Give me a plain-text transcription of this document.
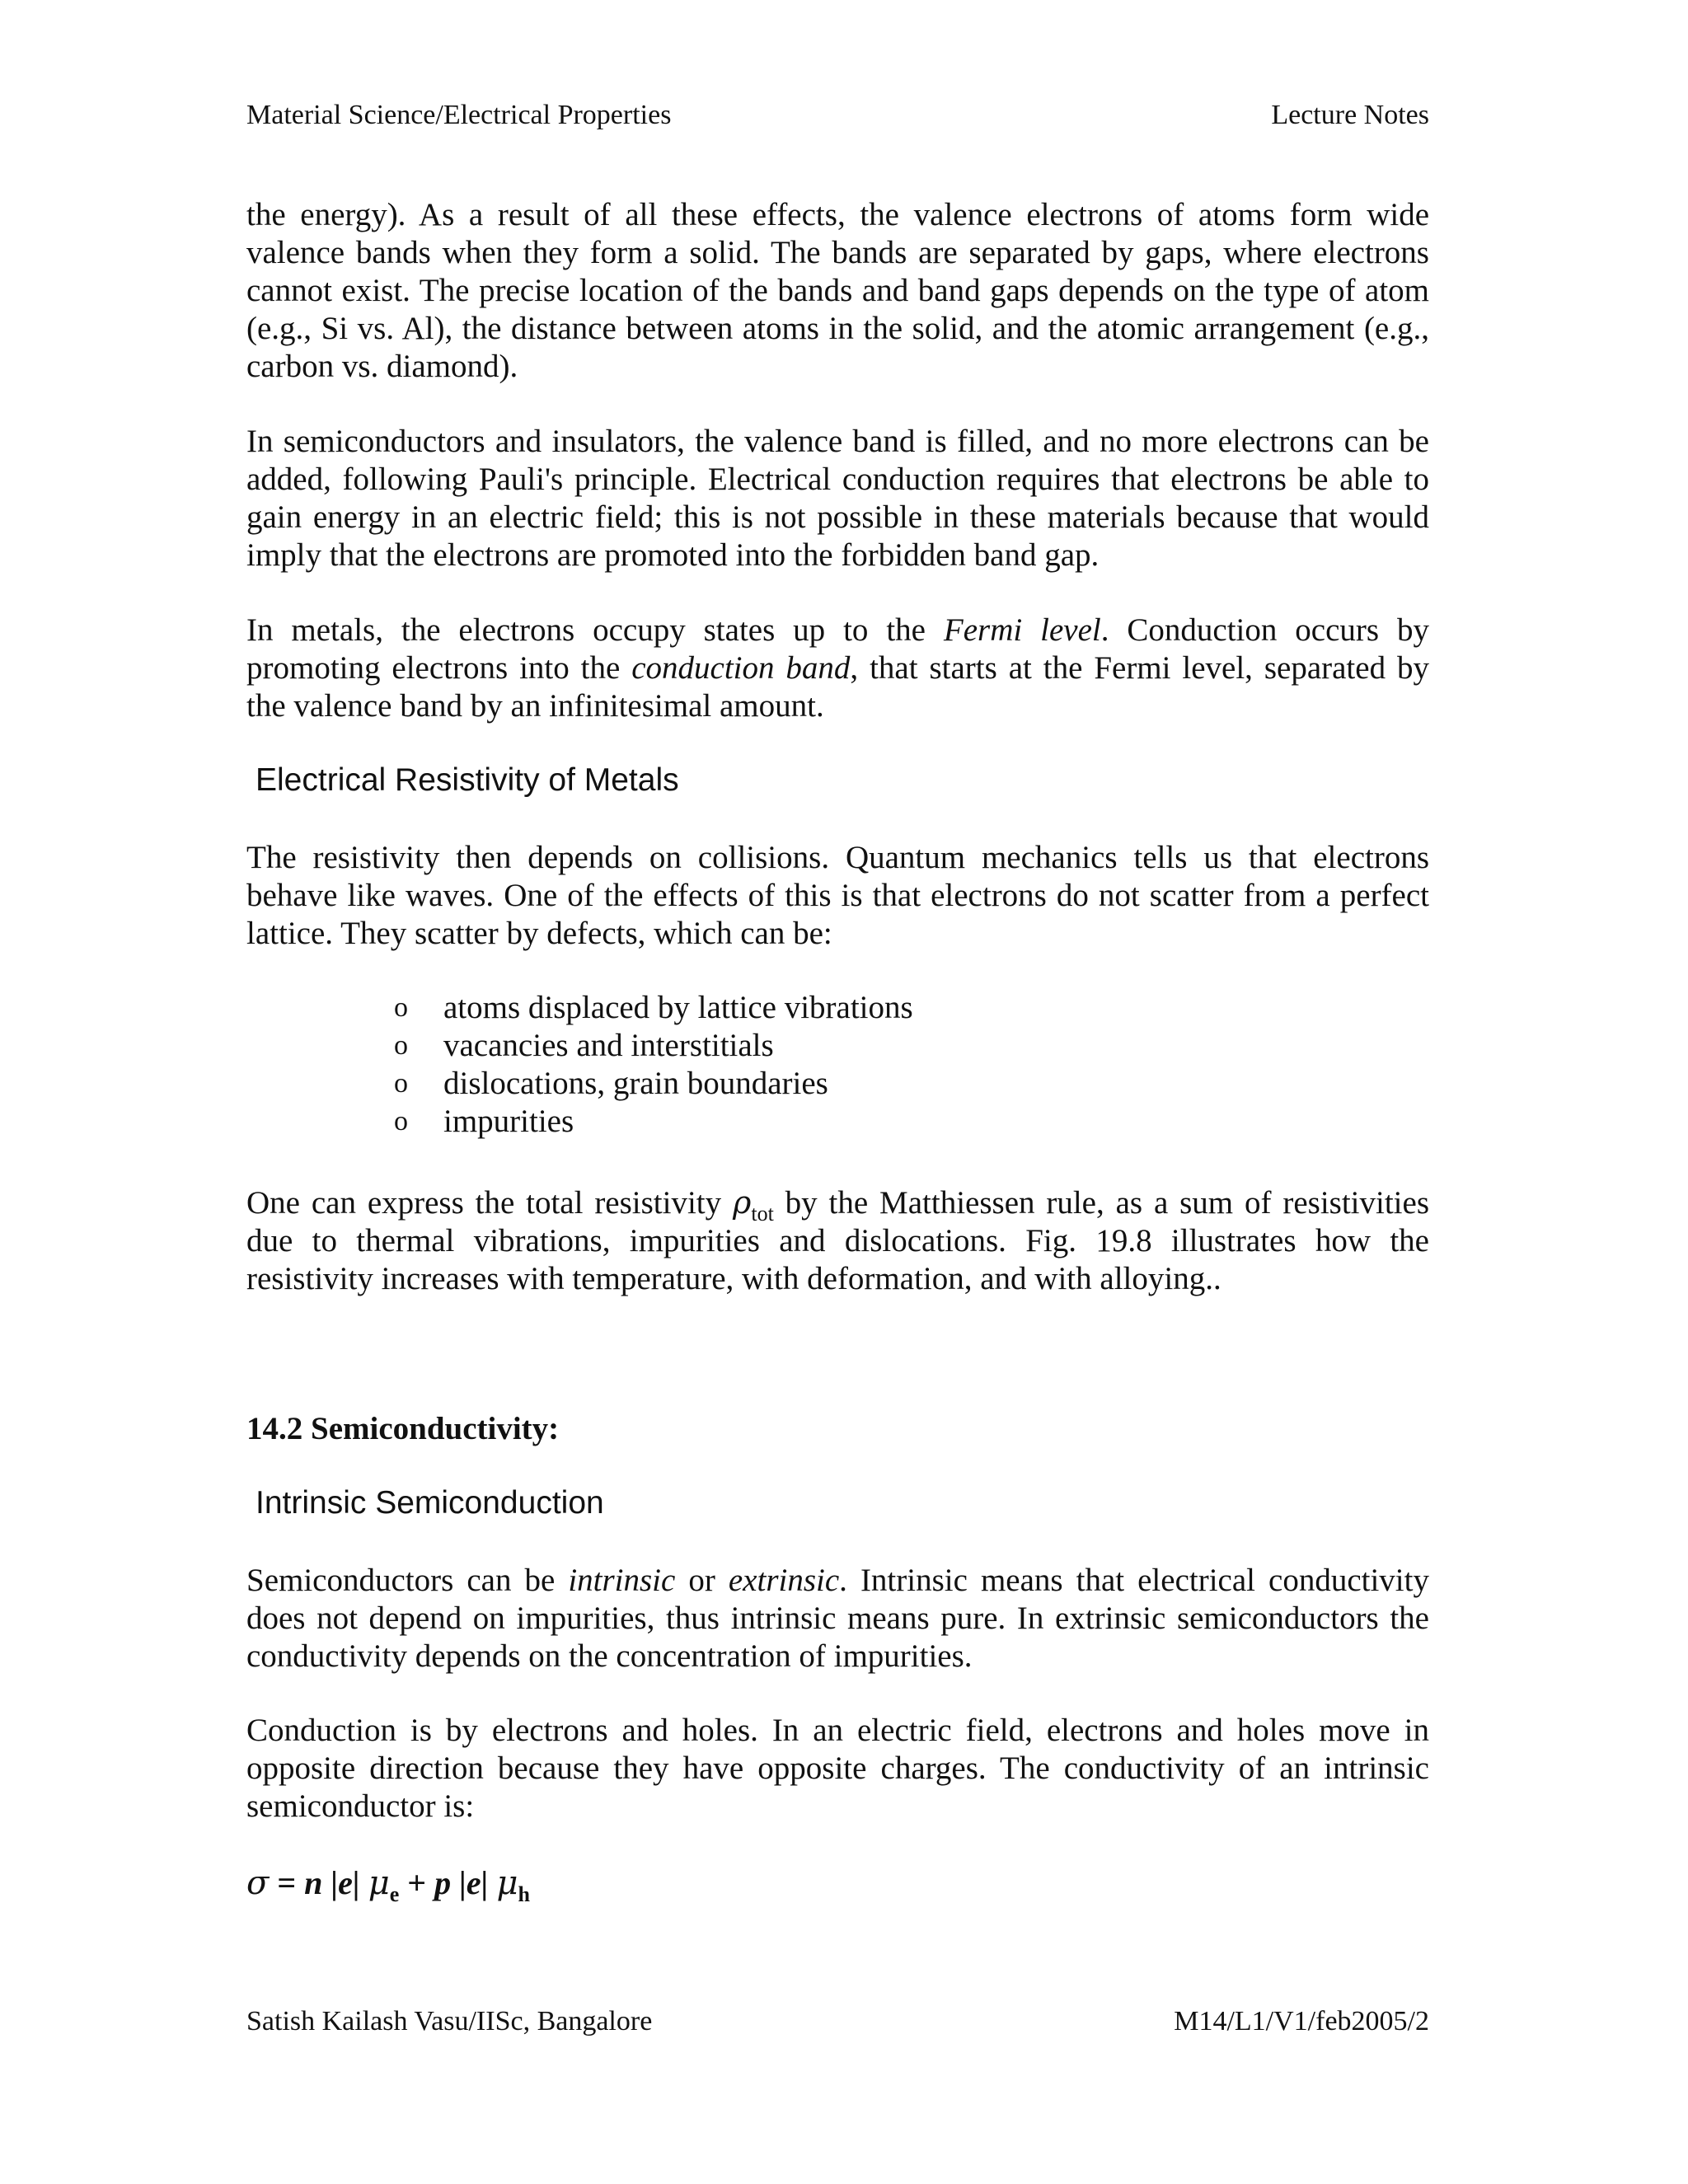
Material Science/Electrical Properties	Lecture Notes

the energy). As a result of all these effects, the valence electrons of atoms form wide valence bands when they form a solid. The bands are separated by gaps, where electrons cannot exist. The precise location of the bands and band gaps depends on the type of atom (e.g., Si vs. Al), the distance between atoms in the solid, and the atomic arrangement (e.g., carbon vs. diamond).

In semiconductors and insulators, the valence band is filled, and no more electrons can be added, following Pauli's principle. Electrical conduction requires that electrons be able to gain energy in an electric field; this is not possible in these materials because that would imply that the electrons are promoted into the forbidden band gap.

In metals, the electrons occupy states up to the Fermi level. Conduction occurs by promoting electrons into the conduction band, that starts at the Fermi level, separated by the valence band by an infinitesimal amount.

Electrical Resistivity of Metals

The resistivity then depends on collisions. Quantum mechanics tells us that electrons behave like waves. One of the effects of this is that electrons do not scatter from a perfect lattice. They scatter by defects, which can be:

o atoms displaced by lattice vibrations
o vacancies and interstitials
o dislocations, grain boundaries
o impurities

One can express the total resistivity $\rho_{tot}$ by the Matthiessen rule, as a sum of resistivities due to thermal vibrations, impurities and dislocations. Fig. 19.8 illustrates how the resistivity increases with temperature, with deformation, and with alloying..

14.2 Semiconductivity:

Intrinsic Semiconduction

Semiconductors can be intrinsic or extrinsic. Intrinsic means that electrical conductivity does not depend on impurities, thus intrinsic means pure. In extrinsic semiconductors the conductivity depends on the concentration of impurities.

Conduction is by electrons and holes. In an electric field, electrons and holes move in opposite direction because they have opposite charges. The conductivity of an intrinsic semiconductor is:

σ = n |e| $\mu_e + p$ |e| $\mu_h$
Satish Kailash Vasu/IISc, Bangalore	M14/L1/V1/feb2005/2
